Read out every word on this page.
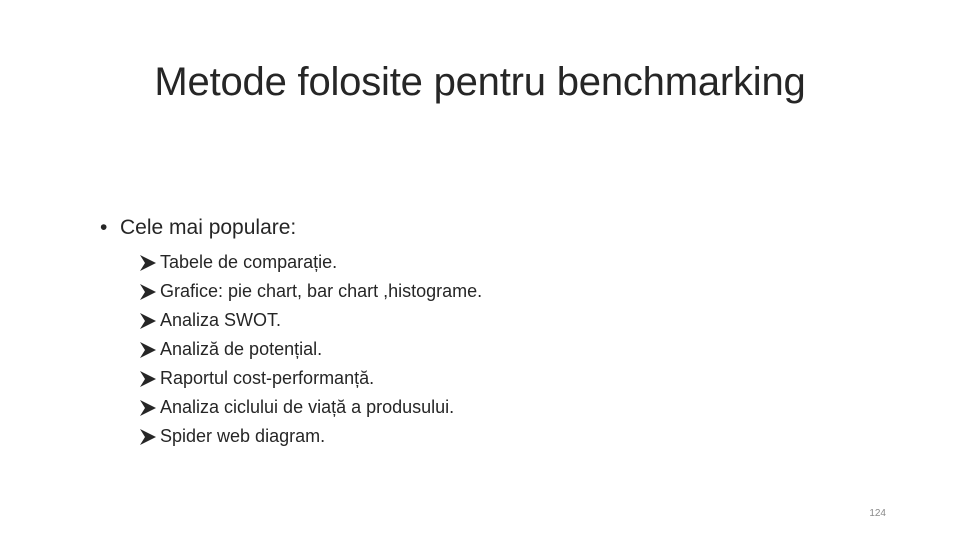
Metode folosite pentru benchmarking
• Cele mai populare:
Tabele de comparație.
Grafice: pie chart, bar chart ,histograme.
Analiza SWOT.
Analiză de potențial.
Raportul cost-performanță.
Analiza ciclului de viață a produsului.
Spider web diagram.
124
